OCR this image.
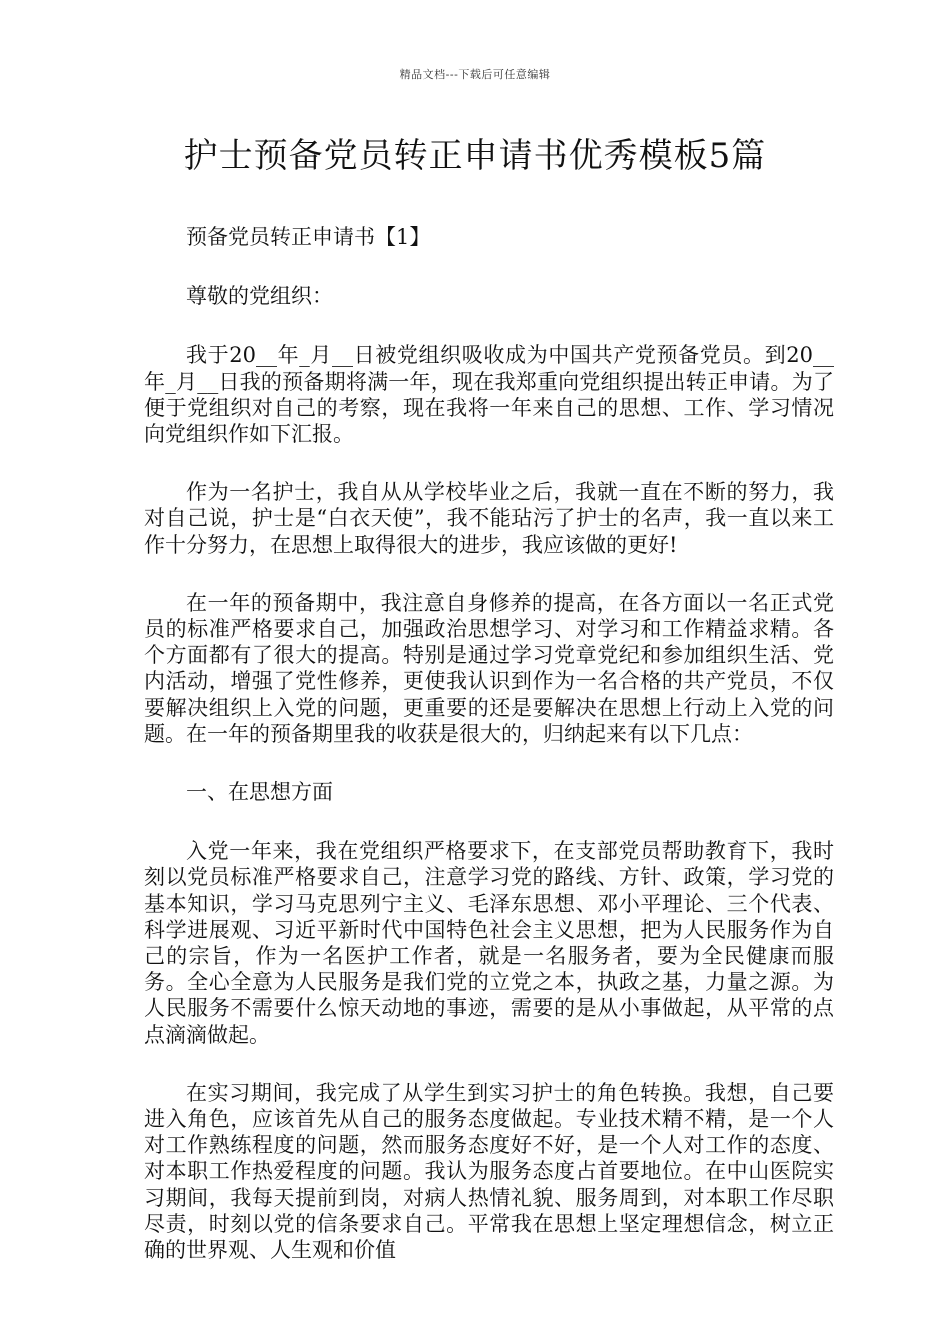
精品文档---下载后可任意编辑
护士预备党员转正申请书优秀模板5篇

预备党员转正申请书【1】

尊敬的党组织：

我于20__年_月__日被党组织吸收成为中国共产党预备党员。到20__年_月__日我的预备期将满一年，现在我郑重向党组织提出转正申请。为了便于党组织对自己的考察，现在我将一年来自己的思想、工作、学习情况向党组织作如下汇报。

作为一名护士，我自从从学校毕业之后，我就一直在不断的努力，我对自己说，护士是“白衣天使”，我不能玷污了护士的名声，我一直以来工作十分努力，在思想上取得很大的进步，我应该做的更好!

在一年的预备期中，我注意自身修养的提高，在各方面以一名正式党员的标准严格要求自己，加强政治思想学习、对学习和工作精益求精。各个方面都有了很大的提高。特别是通过学习党章党纪和参加组织生活、党内活动，增强了党性修养，更使我认识到作为一名合格的共产党员，不仅要解决组织上入党的问题，更重要的还是要解决在思想上行动上入党的问题。在一年的预备期里我的收获是很大的，归纳起来有以下几点：

一、在思想方面

入党一年来，我在党组织严格要求下，在支部党员帮助教育下，我时刻以党员标准严格要求自己，注意学习党的路线、方针、政策，学习党的基本知识，学习马克思列宁主义、毛泽东思想、邓小平理论、三个代表、科学进展观、习近平新时代中国特色社会主义思想，把为人民服务作为自己的宗旨，作为一名医护工作者，就是一名服务者，要为全民健康而服务。全心全意为人民服务是我们党的立党之本，执政之基，力量之源。为人民服务不需要什么惊天动地的事迹，需要的是从小事做起，从平常的点点滴滴做起。

在实习期间，我完成了从学生到实习护士的角色转换。我想，自己要进入角色，应该首先从自己的服务态度做起。专业技术精不精，是一个人对工作熟练程度的问题，然而服务态度好不好，是一个人对工作的态度、对本职工作热爱程度的问题。我认为服务态度占首要地位。在中山医院实习期间，我每天提前到岗，对病人热情礼貌、服务周到，对本职工作尽职尽责，时刻以党的信条要求自己。平常我在思想上坚定理想信念，树立正确的世界观、人生观和价值
